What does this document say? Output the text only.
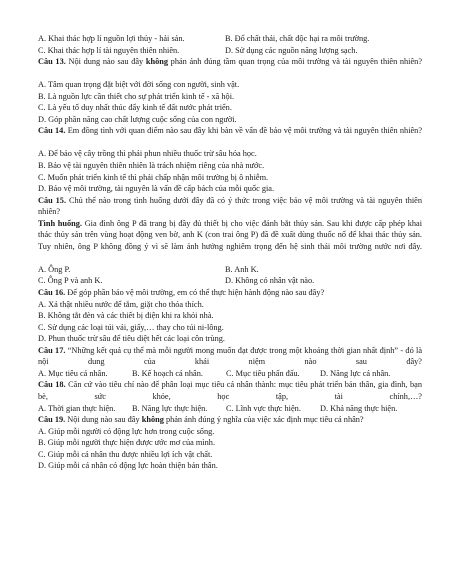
A. Khai thác hợp lí nguồn lợi thủy - hải sản.	B. Đổ chất thải, chất độc hại ra môi trường.
C. Khai thác hợp lí tài nguyên thiên nhiên.	D. Sử dụng các nguồn năng lượng sạch.
Câu 13. Nội dung nào sau đây không phản ánh đúng tầm quan trọng của môi trường và tài nguyên thiên nhiên?
A. Tâm quan trọng đặt biệt với đời sống con người, sinh vật.
B. Là nguồn lực cần thiết cho sự phát triển kinh tế - xã hội.
C. Là yếu tố duy nhất thúc đẩy kinh tế đất nước phát triển.
D. Góp phần năng cao chất lượng cuộc sống của con người.
Câu 14. Em đồng tình với quan điểm nào sau đây khi bàn về vấn đề bảo vệ môi trường và tài nguyên thiên nhiên?
A. Để bảo vệ cây trồng thì phải phun nhiều thuốc trừ sâu hóa học.
B. Bảo vệ tài nguyên thiên nhiên là trách nhiệm riêng của nhà nước.
C. Muốn phát triển kinh tế thì phải chấp nhận môi trường bị ô nhiễm.
D. Bảo vệ môi trường, tài nguyên là vấn đề cấp bách của mỗi quốc gia.
Câu 15. Chủ thể nào trong tình huống dưới đây đã có ý thức trong việc bảo vệ môi trường và tài nguyên thiên nhiên?
Tình huống. Gia đình ông P đã trang bị đầy đủ thiết bị cho việc đánh bắt thủy sản. Sau khi được cấp phép khai thác thủy sản trên vùng hoạt động ven bờ, anh K (con trai ông P) đã đề xuất dùng thuốc nổ để khai thác thủy sản. Tuy nhiên, ông P không đồng ý vì sẽ làm ảnh hưởng nghiêm trọng đến hệ sinh thái môi trường nước nơi đây.
A. Ông P.	B. Anh K.
C. Ông P và anh K.	D. Không có nhân vật nào.
Câu 16. Để góp phần bảo vệ môi trường, em có thể thực hiện hành động nào sau đây?
A. Xả thật nhiều nước để tắm, giặt cho thỏa thích.
B. Không tắt đèn và các thiết bị điện khi ra khỏi nhà.
C. Sử dụng các loại túi vải, giấy,… thay cho túi ni-lông.
D. Phun thuốc trừ sâu để tiêu diệt hết các loại côn trùng.
Câu 17. “Những kết quả cụ thể mà mỗi người mong muốn đạt được trong một khoảng thời gian nhất định” - đó là nội dung của khái niệm nào sau đây?
A. Mục tiêu cá nhân.	B. Kế hoạch cá nhân.	C. Mục tiêu phấn đấu. D. Năng lực cá nhân.
Câu 18. Căn cứ vào tiêu chí nào để phân loại mục tiêu cá nhân thành: mục tiêu phát triển bản thân, gia đình, bạn bè, sức khỏe, học tập, tài chính,…?
A. Thời gian thực hiện. B. Năng lực thực hiện. C. Lĩnh vực thực hiện. D. Khả năng thực hiện.
Câu 19. Nội dung nào sau đây không phản ánh đúng ý nghĩa của việc xác định mục tiêu cá nhân?
A. Giúp mỗi người có động lực hơn trong cuộc sống.
B. Giúp mỗi người thực hiện được ước mơ của mình.
C. Giúp mỗi cá nhân thu được nhiều lợi ích vật chất.
D. Giúp mỗi cá nhân có động lực hoàn thiện bản thân.
